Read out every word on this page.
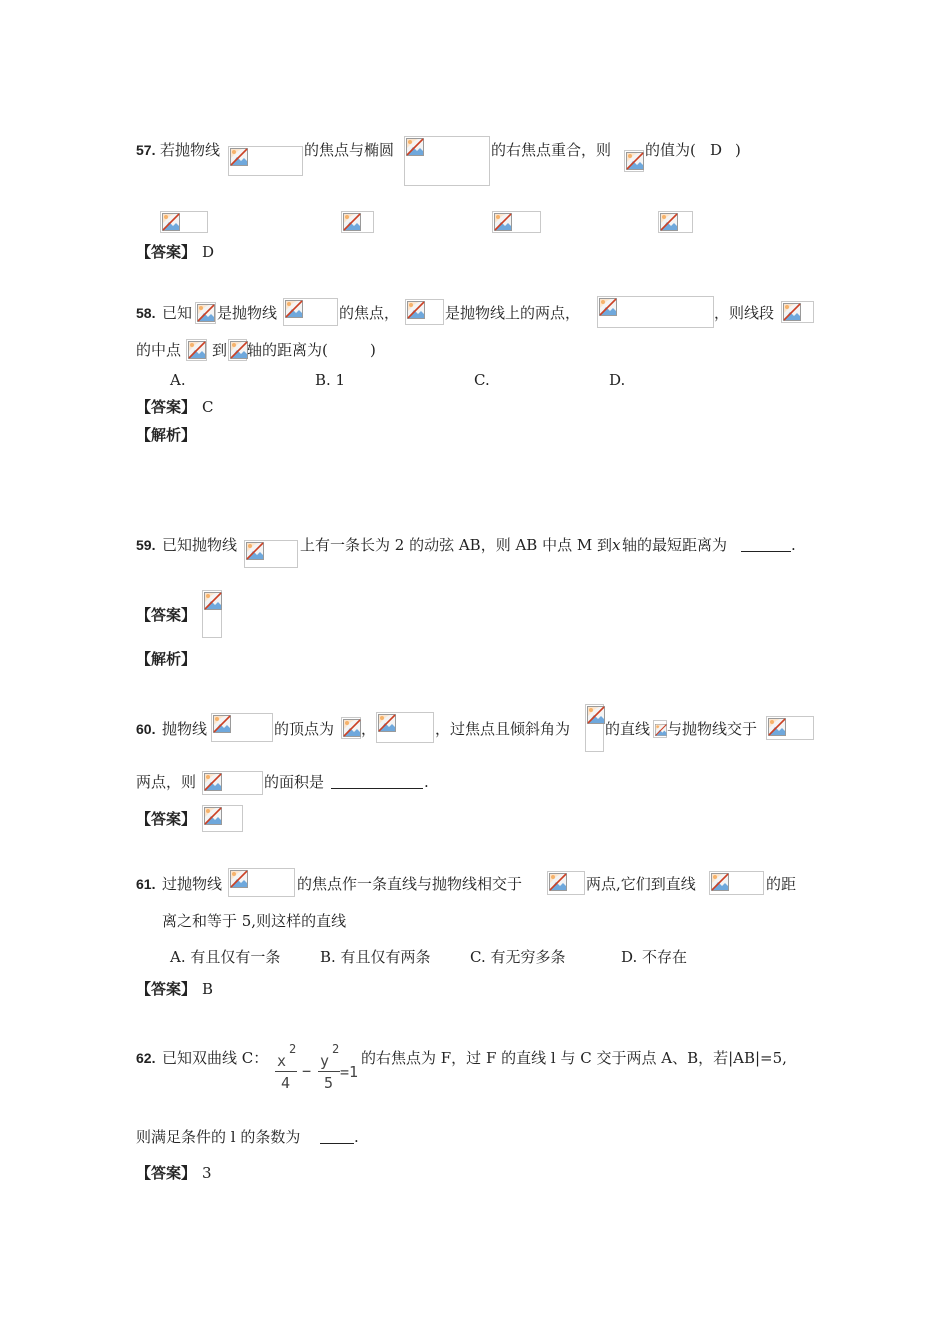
57. 若抛物线	的焦点与椭圆	的右焦点重合，则 的值为( D )
【答案】 D
58. 已知 是抛物线	的焦点，	是抛物线上的两点，	，则线段
的中点 到 轴的距离为(	)
A.	B. 1	C.	D.
【答案】 C
【解析】
59. 已知抛物线	上有一条长为 2 的动弦 AB，则 AB 中点 M 到 x 轴的最短距离为	.
【答案】
【解析】
60. 抛物线	的顶点为 ，	，过焦点且倾斜角为 的直线 与抛物线交于
两点，则	的面积是	.
【答案】
61. 过抛物线	的焦点作一条直线与抛物线相交于	两点,它们到直线	的距
离之和等于 5,则这样的直线
A. 有且仅有一条	B. 有且仅有两条	C. 有无穷多条	D. 不存在
【答案】 B
62. 已知双曲线 C： x
2
4
−
y
2
5
=1
的右焦点为 F，过 F 的直线 l 与 C 交于两点 A、B，若|AB|=5,
则满足条件的 l 的条数为	.
【答案】 3
